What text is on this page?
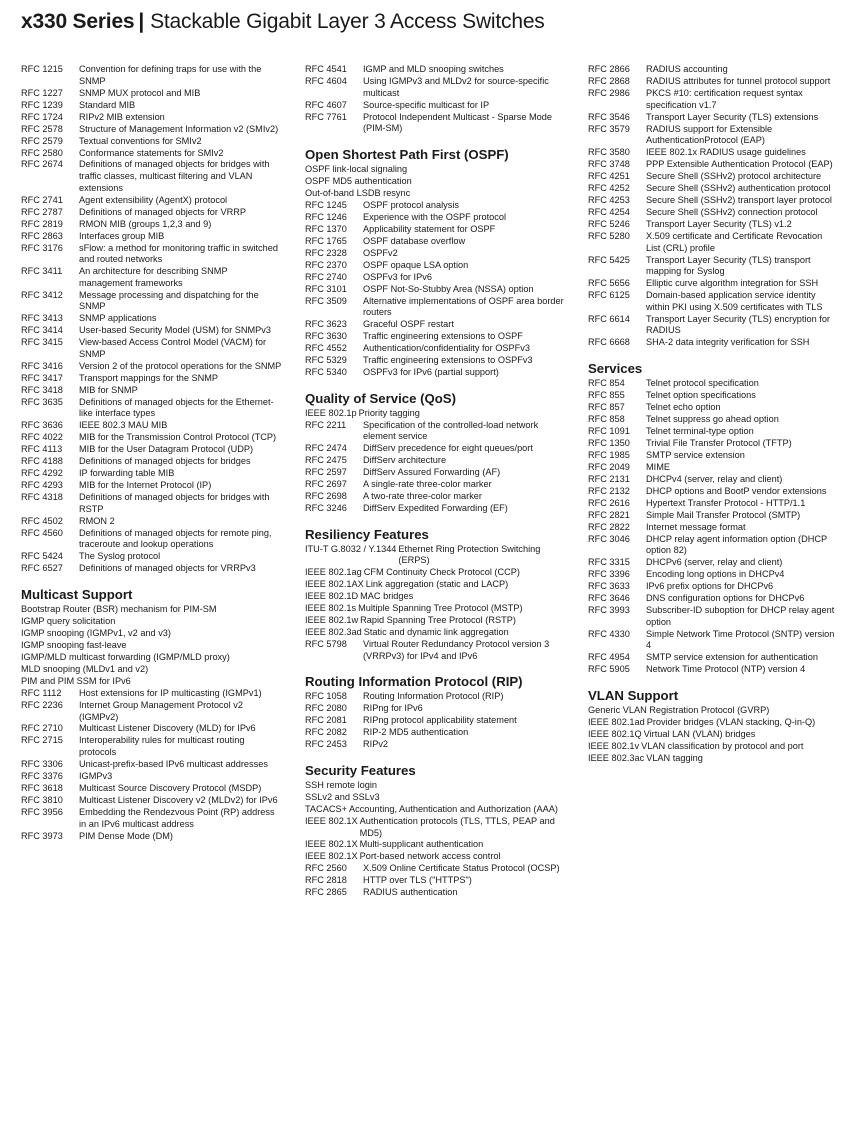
x330 Series | Stackable Gigabit Layer 3 Access Switches
RFC 1215	Convention for defining traps for use with the SNMP
RFC 1227	SNMP MUX protocol and MIB
RFC 1239	Standard MIB
RFC 1724	RIPv2 MIB extension
RFC 2578	Structure of Management Information v2 (SMIv2)
RFC 2579	Textual conventions for SMIv2
RFC 2580	Conformance statements for SMIv2
RFC 2674	Definitions of managed objects for bridges with traffic classes, multicast filtering and VLAN extensions
RFC 2741	Agent extensibility (AgentX) protocol
RFC 2787	Definitions of managed objects for VRRP
RFC 2819	RMON MIB (groups 1,2,3 and 9)
RFC 2863	Interfaces group MIB
RFC 3176	sFlow: a method for monitoring traffic in switched and routed networks
RFC 3411	An architecture for describing SNMP management frameworks
RFC 3412	Message processing and dispatching for the SNMP
RFC 3413	SNMP applications
RFC 3414	User-based Security Model (USM) for SNMPv3
RFC 3415	View-based Access Control Model (VACM) for SNMP
RFC 3416	Version 2 of the protocol operations for the SNMP
RFC 3417	Transport mappings for the SNMP
RFC 3418	MIB for SNMP
RFC 3635	Definitions of managed objects for the Ethernet-like interface types
RFC 3636	IEEE 802.3 MAU MIB
RFC 4022	MIB for the Transmission Control Protocol (TCP)
RFC 4113	MIB for the User Datagram Protocol (UDP)
RFC 4188	Definitions of managed objects for bridges
RFC 4292	IP forwarding table MIB
RFC 4293	MIB for the Internet Protocol (IP)
RFC 4318	Definitions of managed objects for bridges with RSTP
RFC 4502	RMON 2
RFC 4560	Definitions of managed objects for remote ping, traceroute and lookup operations
RFC 5424	The Syslog protocol
RFC 6527	Definitions of managed objects for VRRPv3
Multicast Support
Bootstrap Router (BSR) mechanism for PIM-SM
IGMP query solicitation
IGMP snooping (IGMPv1, v2 and v3)
IGMP snooping fast-leave
IGMP/MLD multicast forwarding (IGMP/MLD proxy)
MLD snooping (MLDv1 and v2)
PIM and PIM SSM for IPv6
RFC 1112	Host extensions for IP multicasting (IGMPv1)
RFC 2236	Internet Group Management Protocol v2 (IGMPv2)
RFC 2710	Multicast Listener Discovery (MLD) for IPv6
RFC 2715	Interoperability rules for multicast routing protocols
RFC 3306	Unicast-prefix-based IPv6 multicast addresses
RFC 3376	IGMPv3
RFC 3618	Multicast Source Discovery Protocol (MSDP)
RFC 3810	Multicast Listener Discovery v2 (MLDv2) for IPv6
RFC 3956	Embedding the Rendezvous Point (RP) address in an IPv6 multicast address
RFC 3973	PIM Dense Mode (DM)
RFC 4541	IGMP and MLD snooping switches
RFC 4604	Using IGMPv3 and MLDv2 for source-specific multicast
RFC 4607	Source-specific multicast for IP
RFC 7761	Protocol Independent Multicast - Sparse Mode (PIM-SM)
Open Shortest Path First (OSPF)
OSPF link-local signaling
OSPF MD5 authentication
Out-of-band LSDB resync
RFC 1245	OSPF protocol analysis
RFC 1246	Experience with the OSPF protocol
RFC 1370	Applicability statement for OSPF
RFC 1765	OSPF database overflow
RFC 2328	OSPFv2
RFC 2370	OSPF opaque LSA option
RFC 2740	OSPFv3 for IPv6
RFC 3101	OSPF Not-So-Stubby Area (NSSA) option
RFC 3509	Alternative implementations of OSPF area border routers
RFC 3623	Graceful OSPF restart
RFC 3630	Traffic engineering extensions to OSPF
RFC 4552	Authentication/confidentiality for OSPFv3
RFC 5329	Traffic engineering extensions to OSPFv3
RFC 5340	OSPFv3 for IPv6 (partial support)
Quality of Service (QoS)
IEEE 802.1p Priority tagging
RFC 2211	Specification of the controlled-load network element service
RFC 2474	DiffServ precedence for eight queues/port
RFC 2475	DiffServ architecture
RFC 2597	DiffServ Assured Forwarding (AF)
RFC 2697	A single-rate three-color marker
RFC 2698	A two-rate three-color marker
RFC 3246	DiffServ Expedited Forwarding (EF)
Resiliency Features
ITU-T G.8032 / Y.1344 Ethernet Ring Protection Switching (ERPS)
IEEE 802.1ag CFM Continuity Check Protocol (CCP)
IEEE 802.1AX Link aggregation (static and LACP)
IEEE 802.1D MAC bridges
IEEE 802.1s Multiple Spanning Tree Protocol (MSTP)
IEEE 802.1w Rapid Spanning Tree Protocol (RSTP)
IEEE 802.3ad Static and dynamic link aggregation
RFC 5798	Virtual Router Redundancy Protocol version 3 (VRRPv3) for IPv4 and IPv6
Routing Information Protocol (RIP)
RFC 1058	Routing Information Protocol (RIP)
RFC 2080	RIPng for IPv6
RFC 2081	RIPng protocol applicability statement
RFC 2082	RIP-2 MD5 authentication
RFC 2453	RIPv2
Security Features
SSH remote login
SSLv2 and SSLv3
TACACS+ Accounting, Authentication and Authorization (AAA)
IEEE 802.1X Authentication protocols (TLS, TTLS, PEAP and MD5)
IEEE 802.1X Multi-supplicant authentication
IEEE 802.1X Port-based network access control
RFC 2560	X.509 Online Certificate Status Protocol (OCSP)
RFC 2818	HTTP over TLS ("HTTPS")
RFC 2865	RADIUS authentication
RFC 2866	RADIUS accounting
RFC 2868	RADIUS attributes for tunnel protocol support
RFC 2986	PKCS #10: certification request syntax specification v1.7
RFC 3546	Transport Layer Security (TLS) extensions
RFC 3579	RADIUS support for Extensible AuthenticationProtocol (EAP)
RFC 3580	IEEE 802.1x RADIUS usage guidelines
RFC 3748	PPP Extensible Authentication Protocol (EAP)
RFC 4251	Secure Shell (SSHv2) protocol architecture
RFC 4252	Secure Shell (SSHv2) authentication protocol
RFC 4253	Secure Shell (SSHv2) transport layer protocol
RFC 4254	Secure Shell (SSHv2) connection protocol
RFC 5246	Transport Layer Security (TLS) v1.2
RFC 5280	X.509 certificate and Certificate Revocation List (CRL) profile
RFC 5425	Transport Layer Security (TLS) transport mapping for Syslog
RFC 5656	Elliptic curve algorithm integration for SSH
RFC 6125	Domain-based application service identity within PKI using X.509 certificates with TLS
RFC 6614	Transport Layer Security (TLS) encryption for RADIUS
RFC 6668	SHA-2 data integrity verification for SSH
Services
RFC 854	Telnet protocol specification
RFC 855	Telnet option specifications
RFC 857	Telnet echo option
RFC 858	Telnet suppress go ahead option
RFC 1091	Telnet terminal-type option
RFC 1350	Trivial File Transfer Protocol (TFTP)
RFC 1985	SMTP service extension
RFC 2049	MIME
RFC 2131	DHCPv4 (server, relay and client)
RFC 2132	DHCP options and BootP vendor extensions
RFC 2616	Hypertext Transfer Protocol - HTTP/1.1
RFC 2821	Simple Mail Transfer Protocol (SMTP)
RFC 2822	Internet message format
RFC 3046	DHCP relay agent information option (DHCP option 82)
RFC 3315	DHCPv6 (server, relay and client)
RFC 3396	Encoding long options in DHCPv4
RFC 3633	IPv6 prefix options for DHCPv6
RFC 3646	DNS configuration options for DHCPv6
RFC 3993	Subscriber-ID suboption for DHCP relay agent option
RFC 4330	Simple Network Time Protocol (SNTP) version 4
RFC 4954	SMTP service extension for authentication
RFC 5905	Network Time Protocol (NTP) version 4
VLAN Support
Generic VLAN Registration Protocol (GVRP)
IEEE 802.1ad Provider bridges (VLAN stacking, Q-in-Q)
IEEE 802.1Q Virtual LAN (VLAN) bridges
IEEE 802.1v VLAN classification by protocol and port
IEEE 802.3ac VLAN tagging
